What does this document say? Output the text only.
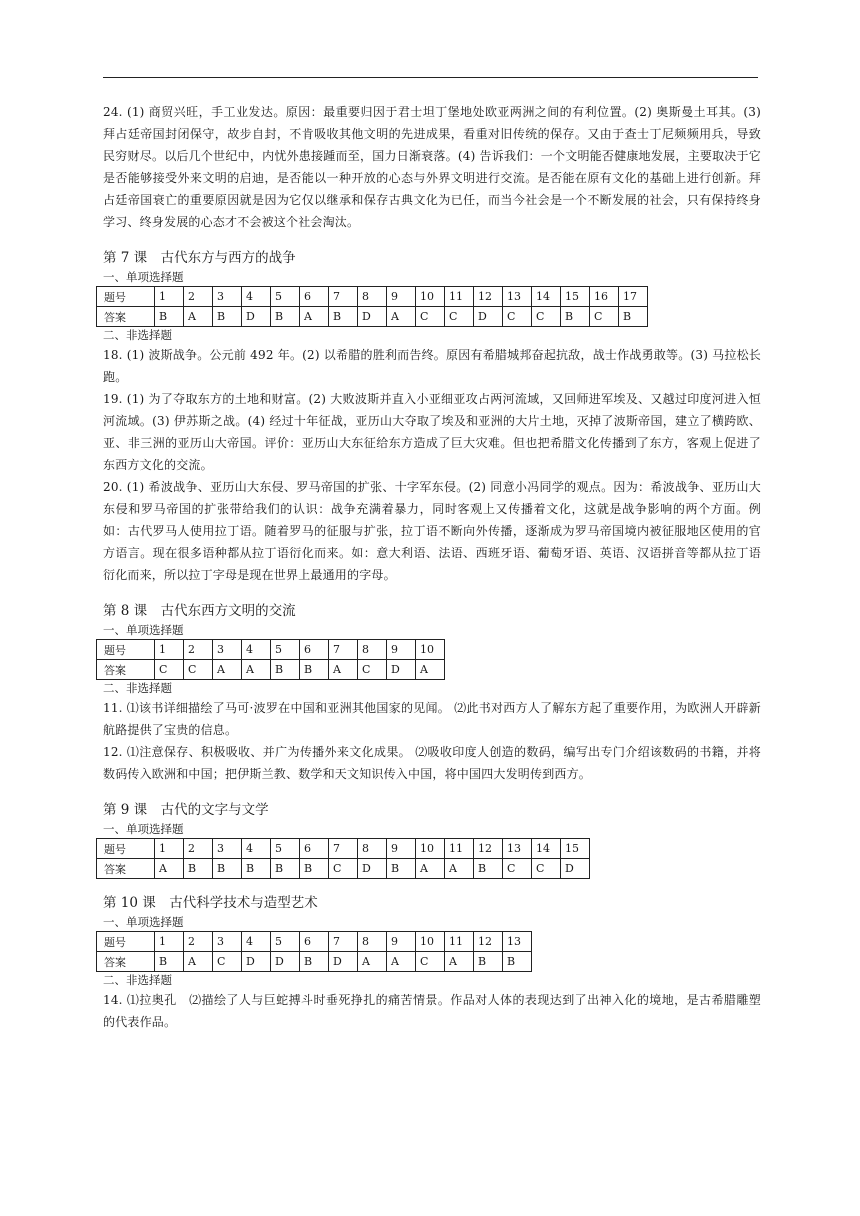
24. (1) 商贸兴旺，手工业发达。原因：最重要归因于君士坦丁堡地处欧亚两洲之间的有利位置。(2) 奥斯曼土耳其。(3) 拜占廷帝国封闭保守，故步自封，不肯吸收其他文明的先进成果，看重对旧传统的保存。又由于查士丁尼频频用兵，导致民穷财尽。以后几个世纪中，内忧外患接踵而至，国力日渐衰落。(4) 告诉我们：一个文明能否健康地发展，主要取决于它是否能够接受外来文明的启迪，是否能以一种开放的心态与外界文明进行交流。是否能在原有文化的基础上进行创新。拜占廷帝国衰亡的重要原因就是因为它仅以继承和保存古典文化为已任，而当今社会是一个不断发展的社会，只有保持终身学习、终身发展的心态才不会被这个社会淘汰。

第 7 课　古代东方与西方的战争

一、单项选择题

题号	1	2	3	4	5	6	7	8	9	10	11	12	13	14	15	16	17
答案	B	A	B	D	B	A	B	D	A	C	C	D	C	C	B	C	B

二、非选择题

18. (1) 波斯战争。公元前 492 年。(2) 以希腊的胜利而告终。原因有希腊城邦奋起抗敌，战士作战勇敢等。(3) 马拉松长跑。

19. (1) 为了夺取东方的土地和财富。(2) 大败波斯并直入小亚细亚攻占两河流域，又回师进军埃及、又越过印度河进入恒河流域。(3) 伊苏斯之战。(4) 经过十年征战，亚历山大夺取了埃及和亚洲的大片土地，灭掉了波斯帝国，建立了横跨欧、亚、非三洲的亚历山大帝国。评价：亚历山大东征给东方造成了巨大灾难。但也把希腊文化传播到了东方，客观上促进了东西方文化的交流。

20. (1) 希波战争、亚历山大东侵、罗马帝国的扩张、十字军东侵。(2) 同意小冯同学的观点。因为：希波战争、亚历山大东侵和罗马帝国的扩张带给我们的认识：战争充满着暴力，同时客观上又传播着文化，这就是战争影响的两个方面。例如：古代罗马人使用拉丁语。随着罗马的征服与扩张，拉丁语不断向外传播，逐渐成为罗马帝国境内被征服地区使用的官方语言。现在很多语种都从拉丁语衍化而来。如：意大利语、法语、西班牙语、葡萄牙语、英语、汉语拼音等都从拉丁语衍化而来，所以拉丁字母是现在世界上最通用的字母。

第 8 课　古代东西方文明的交流

一、单项选择题

题号	1	2	3	4	5	6	7	8	9	10
答案	C	C	A	A	B	B	A	C	D	A

二、非选择题

11. ⑴该书详细描绘了马可·波罗在中国和亚洲其他国家的见闻。 ⑵此书对西方人了解东方起了重要作用，为欧洲人开辟新航路提供了宝贵的信息。

12. ⑴注意保存、积极吸收、并广为传播外来文化成果。 ⑵吸收印度人创造的数码，编写出专门介绍该数码的书籍，并将数码传入欧洲和中国；把伊斯兰教、数学和天文知识传入中国，将中国四大发明传到西方。

第 9 课　古代的文字与文学

一、单项选择题

题号	1	2	3	4	5	6	7	8	9	10	11	12	13	14	15
答案	A	B	B	B	B	B	C	D	B	A	A	B	C	C	D

第 10 课　古代科学技术与造型艺术

一、单项选择题

题号	1	2	3	4	5	6	7	8	9	10	11	12	13
答案	B	A	C	D	D	B	D	A	A	C	A	B	B

二、非选择题

14. ⑴拉奥孔　⑵描绘了人与巨蛇搏斗时垂死挣扎的痛苦情景。作品对人体的表现达到了出神入化的境地，是古希腊雕塑的代表作品。
